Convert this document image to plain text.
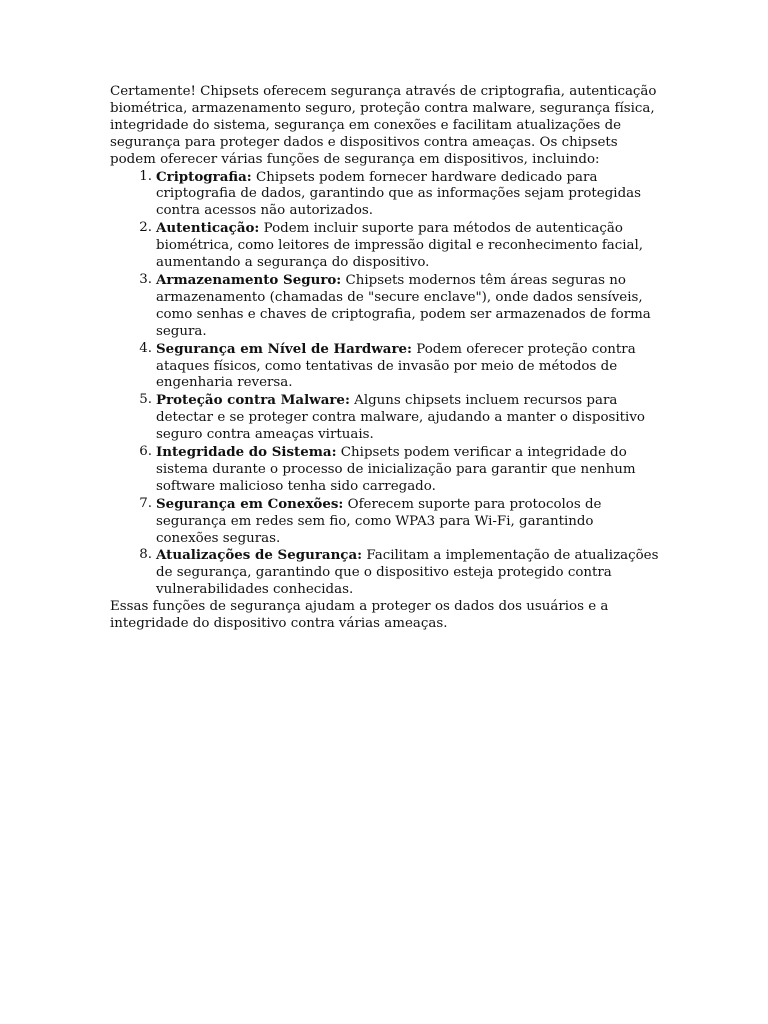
Certamente! Chipsets oferecem segurança através de criptografia, autenticação biométrica, armazenamento seguro, proteção contra malware, segurança física, integridade do sistema, segurança em conexões e facilitam atualizações de segurança para proteger dados e dispositivos contra ameaças. Os chipsets podem oferecer várias funções de segurança em dispositivos, incluindo:

1. Criptografia: Chipsets podem fornecer hardware dedicado para criptografia de dados, garantindo que as informações sejam protegidas contra acessos não autorizados.
2. Autenticação: Podem incluir suporte para métodos de autenticação biométrica, como leitores de impressão digital e reconhecimento facial, aumentando a segurança do dispositivo.
3. Armazenamento Seguro: Chipsets modernos têm áreas seguras no armazenamento (chamadas de "secure enclave"), onde dados sensíveis, como senhas e chaves de criptografia, podem ser armazenados de forma segura.
4. Segurança em Nível de Hardware: Podem oferecer proteção contra ataques físicos, como tentativas de invasão por meio de métodos de engenharia reversa.
5. Proteção contra Malware: Alguns chipsets incluem recursos para detectar e se proteger contra malware, ajudando a manter o dispositivo seguro contra ameaças virtuais.
6. Integridade do Sistema: Chipsets podem verificar a integridade do sistema durante o processo de inicialização para garantir que nenhum software malicioso tenha sido carregado.
7. Segurança em Conexões: Oferecem suporte para protocolos de segurança em redes sem fio, como WPA3 para Wi-Fi, garantindo conexões seguras.
8. Atualizações de Segurança: Facilitam a implementação de atualizações de segurança, garantindo que o dispositivo esteja protegido contra vulnerabilidades conhecidas.

Essas funções de segurança ajudam a proteger os dados dos usuários e a integridade do dispositivo contra várias ameaças.
